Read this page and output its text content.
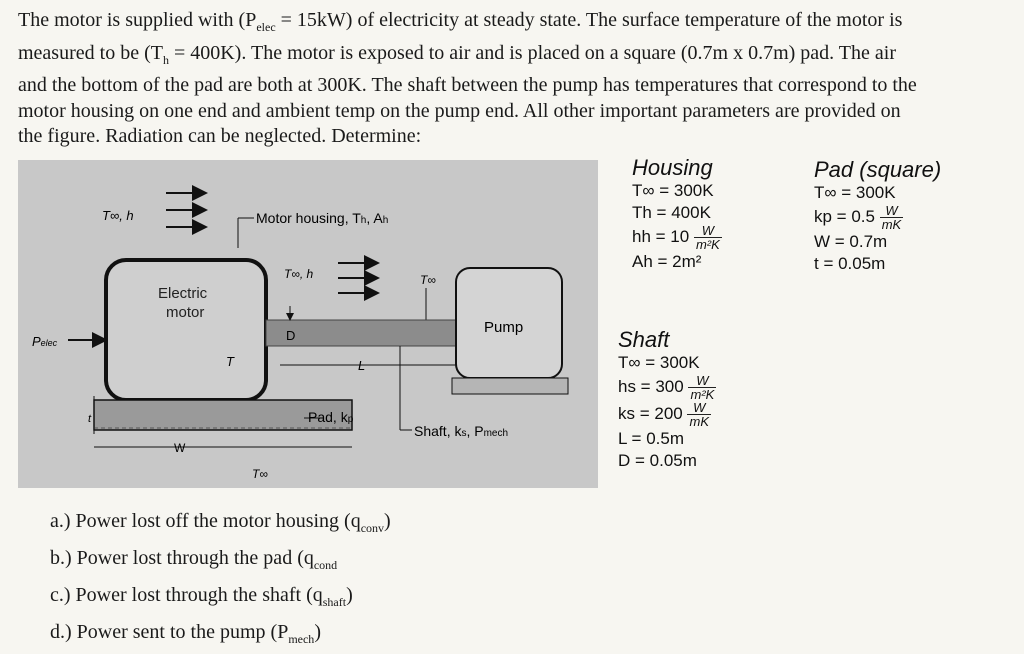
The motor is supplied with $(P_{elec} = 15kW)$ of electricity at steady state. The surface temperature of the motor is
measured to be $(T_h = 400K)$. The motor is exposed to air and is placed on a square (0.7m x 0.7m) pad. The air
and the bottom of the pad are both at 300K. The shaft between the pump has temperatures that correspond to the
motor housing on one end and ambient temp on the pump end. All other important parameters are provided on
the figure. Radiation can be neglected. Determine:
T∞, h	Motor housing, Th, Ah
Electric
motor
T∞, h	T∞
D
L
Pump
Pelec
T
t	Pad, kp
Shaft, ks, Pmech
W
T∞
Housing
T∞ = 300K
Th = 400K
hh = $10 \frac{W}{\text{m²K}}$
Ah = 2m²
Pad (square)
T∞ = 300K
kp = $0.5 \frac{W}{mK}$
W = 0.7m
t = 0.05m
Shaft
T∞ = 300K
hs = $300 \frac{W}{\text{m²K}}$
ks = $200 \frac{W}{mK}$
L = 0.5m
D = 0.05m
a.) Power lost off the motor housing $(q_{conv})$
b.) Power lost through the pad ($q_{cond}$
c.) Power lost through the shaft $(q_{shaft})$
d.) Power sent to the pump $(P_{mech})$
